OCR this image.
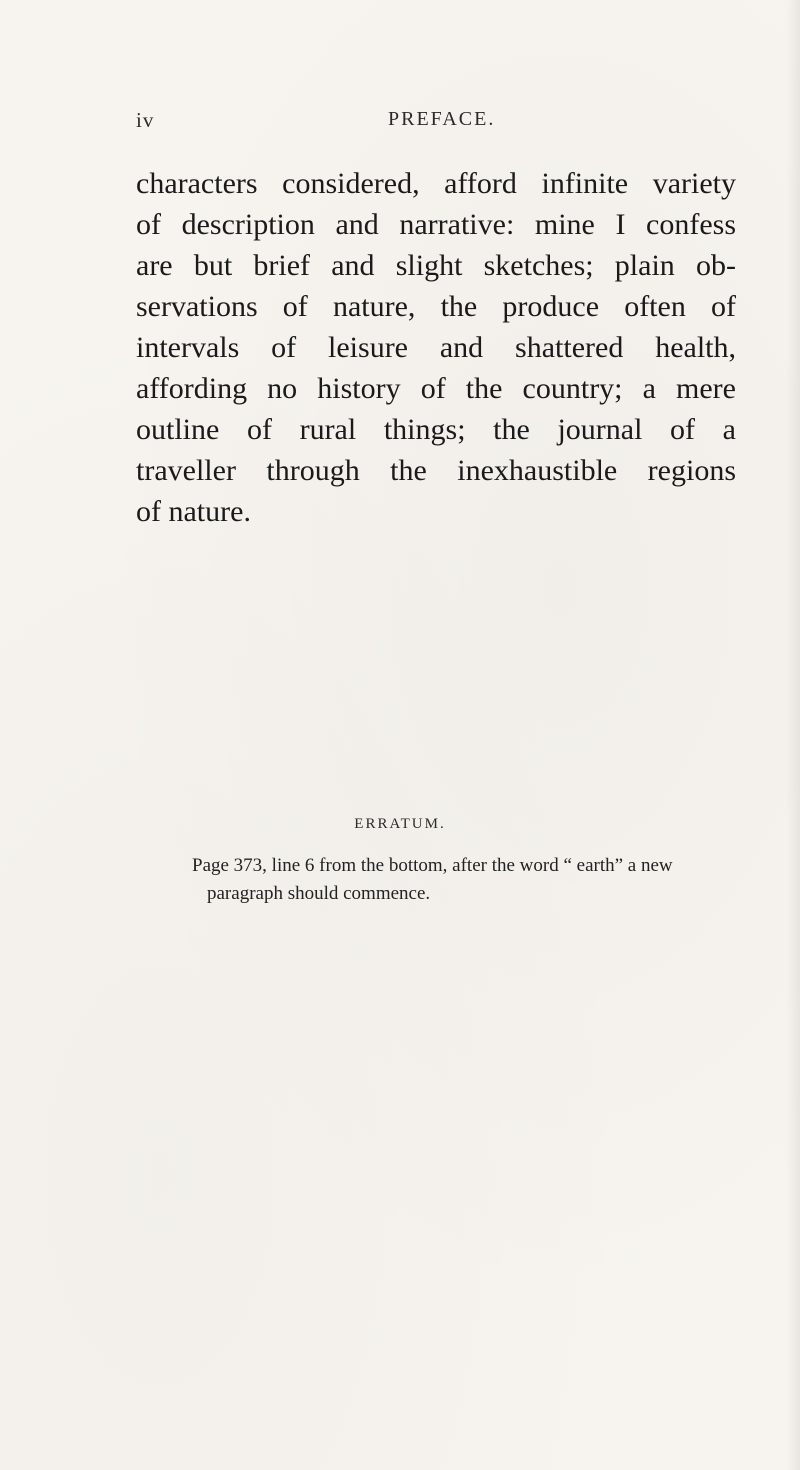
iv	PREFACE.

characters considered, afford infinite variety
of description and narrative: mine I confess
are but brief and slight sketches; plain ob-
servations of nature, the produce often of
intervals of leisure and shattered health,
affording no history of the country; a mere
outline of rural things; the journal of a
traveller through the inexhaustible regions
of nature.

ERRATUM.

Page 373, line 6 from the bottom, after the word “ earth” a new
paragraph should commence.
